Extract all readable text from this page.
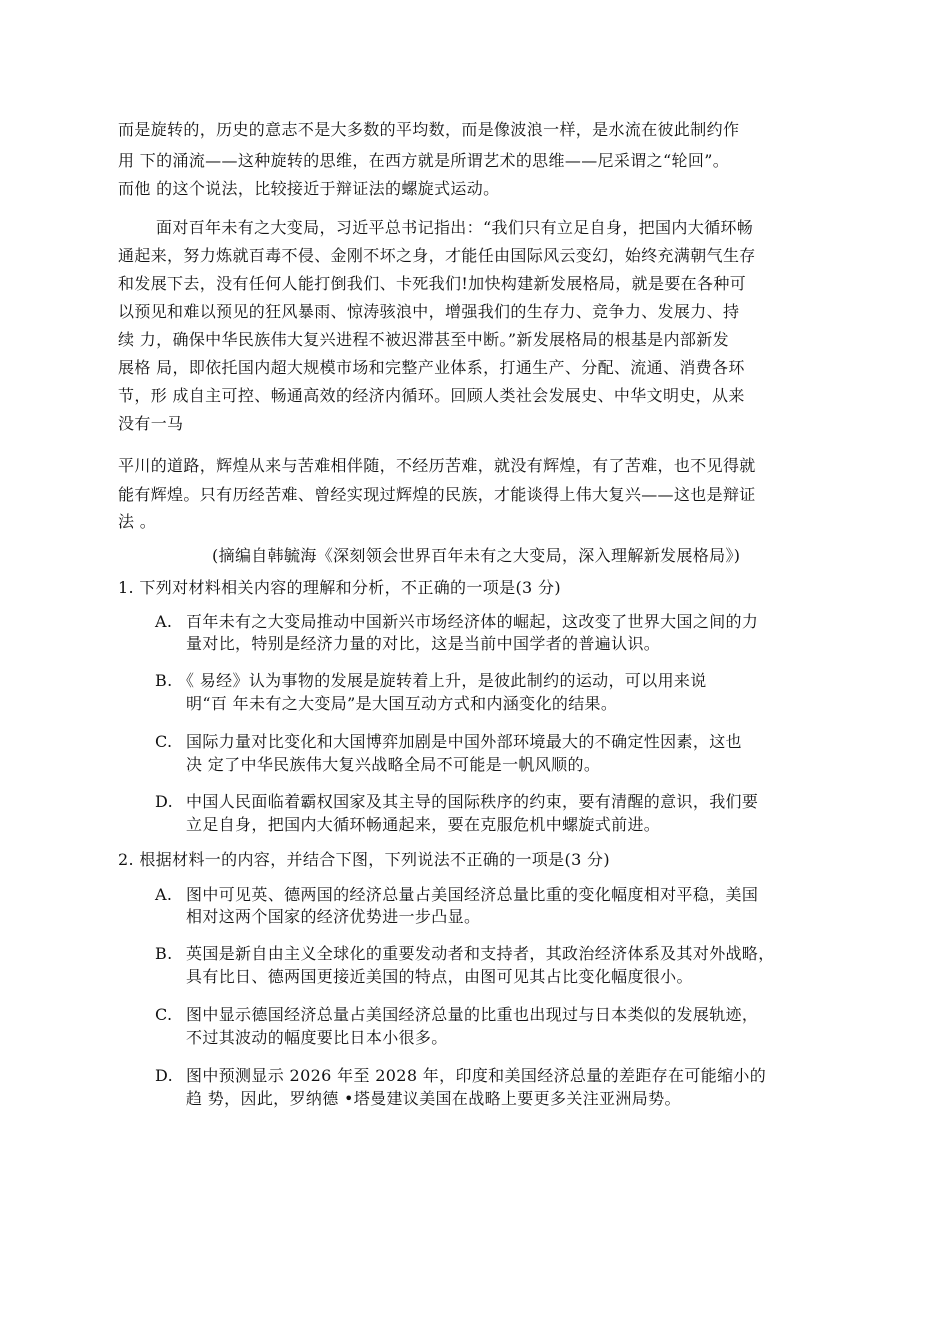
而是旋转的，历史的意志不是大多数的平均数，而是像波浪一样，是水流在彼此制约作
用 下的涌流——这种旋转的思维，在西方就是所谓艺术的思维——尼采谓之“轮回”。
而他 的这个说法，比较接近于辩证法的螺旋式运动。
面对百年未有之大变局，习近平总书记指出：“我们只有立足自身，把国内大循环畅
通起来，努力炼就百毒不侵、金刚不坏之身，才能任由国际风云变幻，始终充满朝气生存
和发展下去，没有任何人能打倒我们、卡死我们!加快构建新发展格局，就是要在各种可
以预见和难以预见的狂风暴雨、惊涛骇浪中，增强我们的生存力、竞争力、发展力、持
续 力，确保中华民族伟大复兴进程不被迟滞甚至中断。”新发展格局的根基是内部新发
展格 局，即依托国内超大规模市场和完整产业体系，打通生产、分配、流通、消费各环
节，形 成自主可控、畅通高效的经济内循环。回顾人类社会发展史、中华文明史，从来
没有一马
平川的道路，辉煌从来与苦难相伴随，不经历苦难，就没有辉煌，有了苦难，也不见得就
能有辉煌。只有历经苦难、曾经实现过辉煌的民族，才能谈得上伟大复兴——这也是辩证
法 。
(摘编自韩毓海《深刻领会世界百年未有之大变局，深入理解新发展格局》)
1. 下列对材料相关内容的理解和分析，不正确的一项是(3 分)
A. 百年未有之大变局推动中国新兴市场经济体的崛起，这改变了世界大国之间的力
量对比，特别是经济力量的对比，这是当前中国学者的普遍认识。
B. 《 易经》认为事物的发展是旋转着上升，是彼此制约的运动，可以用来说
明“百 年未有之大变局”是大国互动方式和内涵变化的结果。
C. 国际力量对比变化和大国博弈加剧是中国外部环境最大的不确定性因素，这也
决 定了中华民族伟大复兴战略全局不可能是一帆风顺的。
D. 中国人民面临着霸权国家及其主导的国际秩序的约束，要有清醒的意识，我们要
立足自身，把国内大循环畅通起来，要在克服危机中螺旋式前进。
2. 根据材料一的内容，并结合下图，下列说法不正确的一项是(3 分)
A. 图中可见英、德两国的经济总量占美国经济总量比重的变化幅度相对平稳，美国
相对这两个国家的经济优势进一步凸显。
B. 英国是新自由主义全球化的重要发动者和支持者，其政治经济体系及其对外战略，
具有比日、德两国更接近美国的特点，由图可见其占比变化幅度很小。
C. 图中显示德国经济总量占美国经济总量的比重也出现过与日本类似的发展轨迹，
不过其波动的幅度要比日本小很多。
D. 图中预测显示 2026 年至 2028 年，印度和美国经济总量的差距存在可能缩小的
趋 势，因此，罗纳德 •塔曼建议美国在战略上要更多关注亚洲局势。
